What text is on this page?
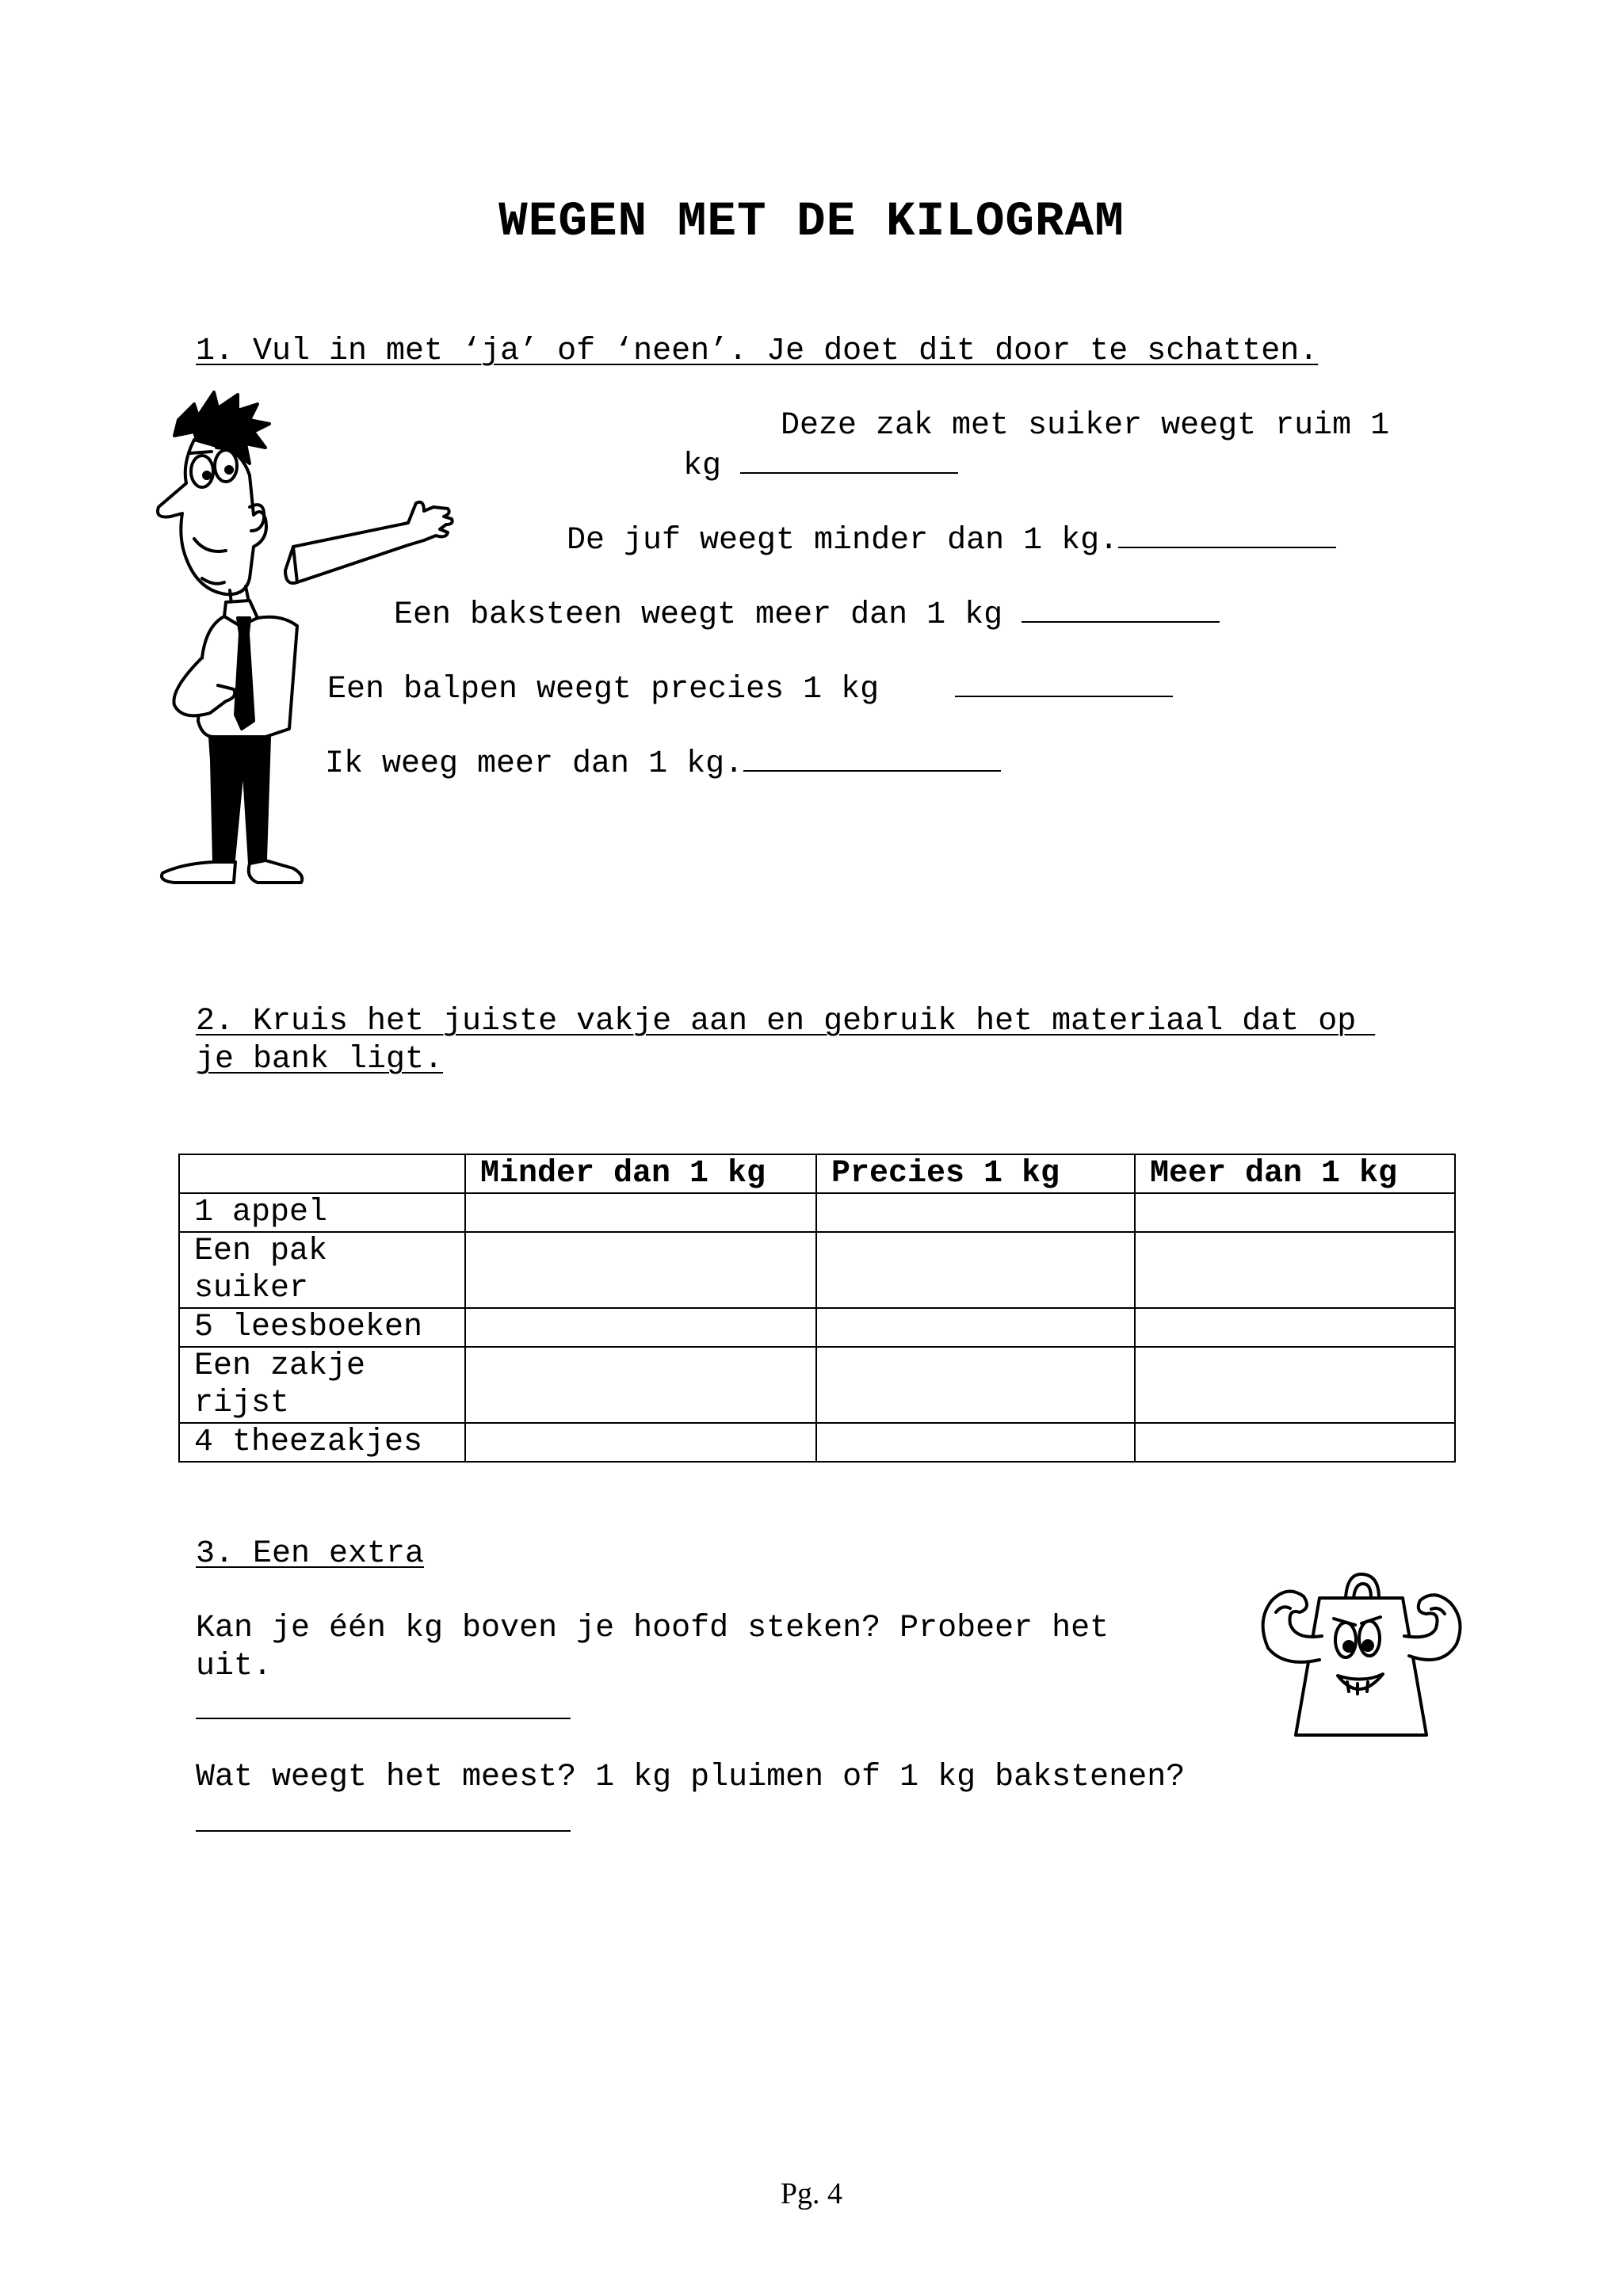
WEGEN MET DE KILOGRAM
1. Vul in met ‘ja’ of ‘neen’. Je doet dit door te schatten.
Deze zak met suiker weegt ruim 1
kg
De juf weegt minder dan 1 kg.
Een baksteen weegt meer dan 1 kg
Een balpen weegt precies 1 kg
Ik weeg meer dan 1 kg.
2. Kruis het juiste vakje aan en gebruik het materiaal dat op
je bank ligt.
	Minder dan 1 kg	Precies 1 kg	Meer dan 1 kg
1 appel			
Een pak suiker			
5 leesboeken			
Een zakje rijst			
4 theezakjes			
3. Een extra
Kan je één kg boven je hoofd steken? Probeer het
uit.
Wat weegt het meest? 1 kg pluimen of 1 kg bakstenen?
Pg. 4
